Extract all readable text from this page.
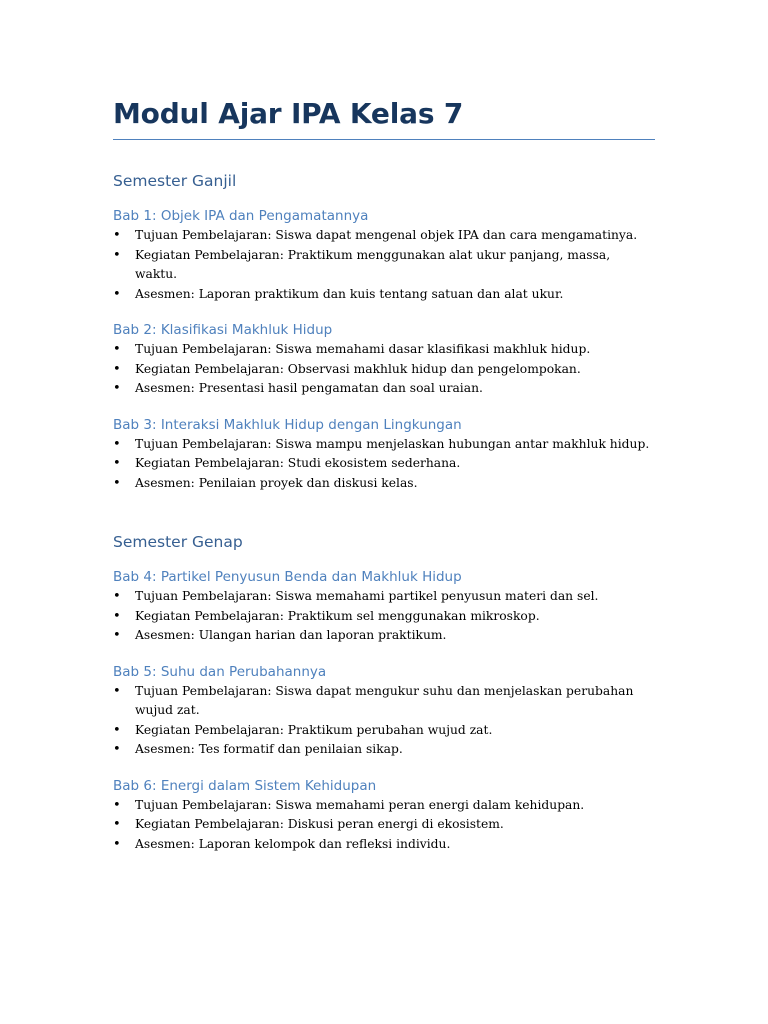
Modul Ajar IPA Kelas 7
Semester Ganjil
Bab 1: Objek IPA dan Pengamatannya
• Tujuan Pembelajaran: Siswa dapat mengenal objek IPA dan cara mengamatinya.
• Kegiatan Pembelajaran: Praktikum menggunakan alat ukur panjang, massa, waktu.
• Asesmen: Laporan praktikum dan kuis tentang satuan dan alat ukur.
Bab 2: Klasifikasi Makhluk Hidup
• Tujuan Pembelajaran: Siswa memahami dasar klasifikasi makhluk hidup.
• Kegiatan Pembelajaran: Observasi makhluk hidup dan pengelompokan.
• Asesmen: Presentasi hasil pengamatan dan soal uraian.
Bab 3: Interaksi Makhluk Hidup dengan Lingkungan
• Tujuan Pembelajaran: Siswa mampu menjelaskan hubungan antar makhluk hidup.
• Kegiatan Pembelajaran: Studi ekosistem sederhana.
• Asesmen: Penilaian proyek dan diskusi kelas.
Semester Genap
Bab 4: Partikel Penyusun Benda dan Makhluk Hidup
• Tujuan Pembelajaran: Siswa memahami partikel penyusun materi dan sel.
• Kegiatan Pembelajaran: Praktikum sel menggunakan mikroskop.
• Asesmen: Ulangan harian dan laporan praktikum.
Bab 5: Suhu dan Perubahannya
• Tujuan Pembelajaran: Siswa dapat mengukur suhu dan menjelaskan perubahan wujud zat.
• Kegiatan Pembelajaran: Praktikum perubahan wujud zat.
• Asesmen: Tes formatif dan penilaian sikap.
Bab 6: Energi dalam Sistem Kehidupan
• Tujuan Pembelajaran: Siswa memahami peran energi dalam kehidupan.
• Kegiatan Pembelajaran: Diskusi peran energi di ekosistem.
• Asesmen: Laporan kelompok dan refleksi individu.
